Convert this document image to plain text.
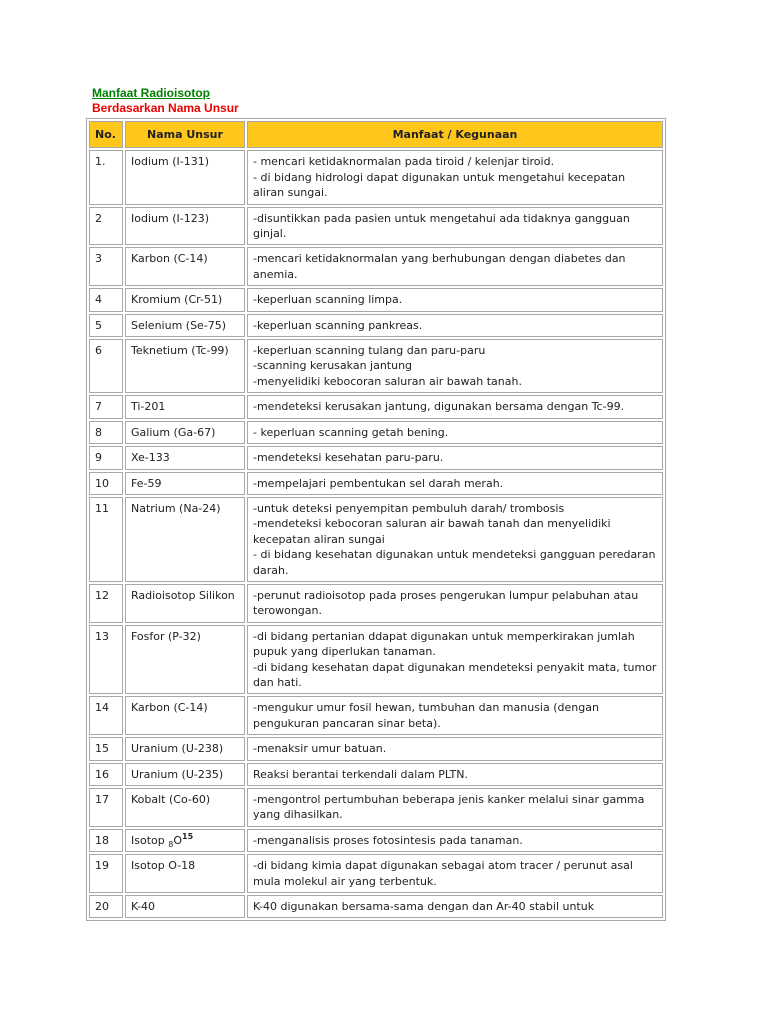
Manfaat Radioisotop
Berdasarkan Nama Unsur
No.	Nama Unsur	Manfaat / Kegunaan
1.	Iodium (I-131)	- mencari ketidaknormalan pada tiroid / kelenjar tiroid.
- di bidang hidrologi dapat digunakan untuk mengetahui kecepatan aliran sungai.
2	Iodium (I-123)	-disuntikkan pada pasien untuk mengetahui ada tidaknya gangguan ginjal.
3	Karbon (C-14)	-mencari ketidaknormalan yang berhubungan dengan diabetes dan anemia.
4	Kromium (Cr-51)	-keperluan scanning limpa.
5	Selenium (Se-75)	-keperluan scanning pankreas.
6	Teknetium (Tc-99)	-keperluan scanning tulang dan paru-paru
-scanning kerusakan jantung
-menyelidiki kebocoran saluran air bawah tanah.
7	Ti-201	-mendeteksi kerusakan jantung, digunakan bersama dengan Tc-99.
8	Galium (Ga-67)	- keperluan scanning getah bening.
9	Xe-133	-mendeteksi kesehatan paru-paru.
10	Fe-59	-mempelajari pembentukan sel darah merah.
11	Natrium (Na-24)	-untuk deteksi penyempitan pembuluh darah/ trombosis
-mendeteksi kebocoran saluran air bawah tanah dan menyelidiki kecepatan aliran sungai
- di bidang kesehatan digunakan untuk mendeteksi gangguan peredaran darah.
12	Radioisotop Silikon	-perunut radioisotop pada proses pengerukan lumpur pelabuhan atau terowongan.
13	Fosfor (P-32)	-di bidang pertanian ddapat digunakan untuk memperkirakan jumlah pupuk yang diperlukan tanaman.
-di bidang kesehatan dapat digunakan mendeteksi penyakit mata, tumor dan hati.
14	Karbon (C-14)	-mengukur umur fosil hewan, tumbuhan dan manusia (dengan pengukuran pancaran sinar beta).
15	Uranium (U-238)	-menaksir umur batuan.
16	Uranium (U-235)	Reaksi berantai terkendali dalam PLTN.
17	Kobalt (Co-60)	-mengontrol pertumbuhan beberapa jenis kanker melalui sinar gamma yang dihasilkan.
18	Isotop $_8O^{15}$	-menganalisis proses fotosintesis pada tanaman.
19	Isotop O-18	-di bidang kimia dapat digunakan sebagai atom tracer / perunut asal mula molekul air yang terbentuk.
20	K-40	K-40 digunakan bersama-sama dengan dan Ar-40 stabil untuk
